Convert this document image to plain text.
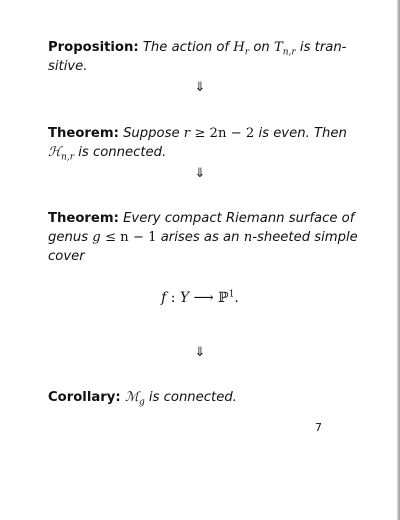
Proposition: The action of $H_r$ on $T_{n,r}$ is tran-
sitive.
⇓
Theorem: Suppose r ≥ 2n − 2 is even. Then
ℋ$_{n,r}$ is connected.
⇓
Theorem: Every compact Riemann surface of
genus g ≤ n − 1 arises as an n-sheeted simple
cover
f : Y ⟶ ℙ$^1$.
⇓
Corollary: ℳ$_g$ is connected.
7
